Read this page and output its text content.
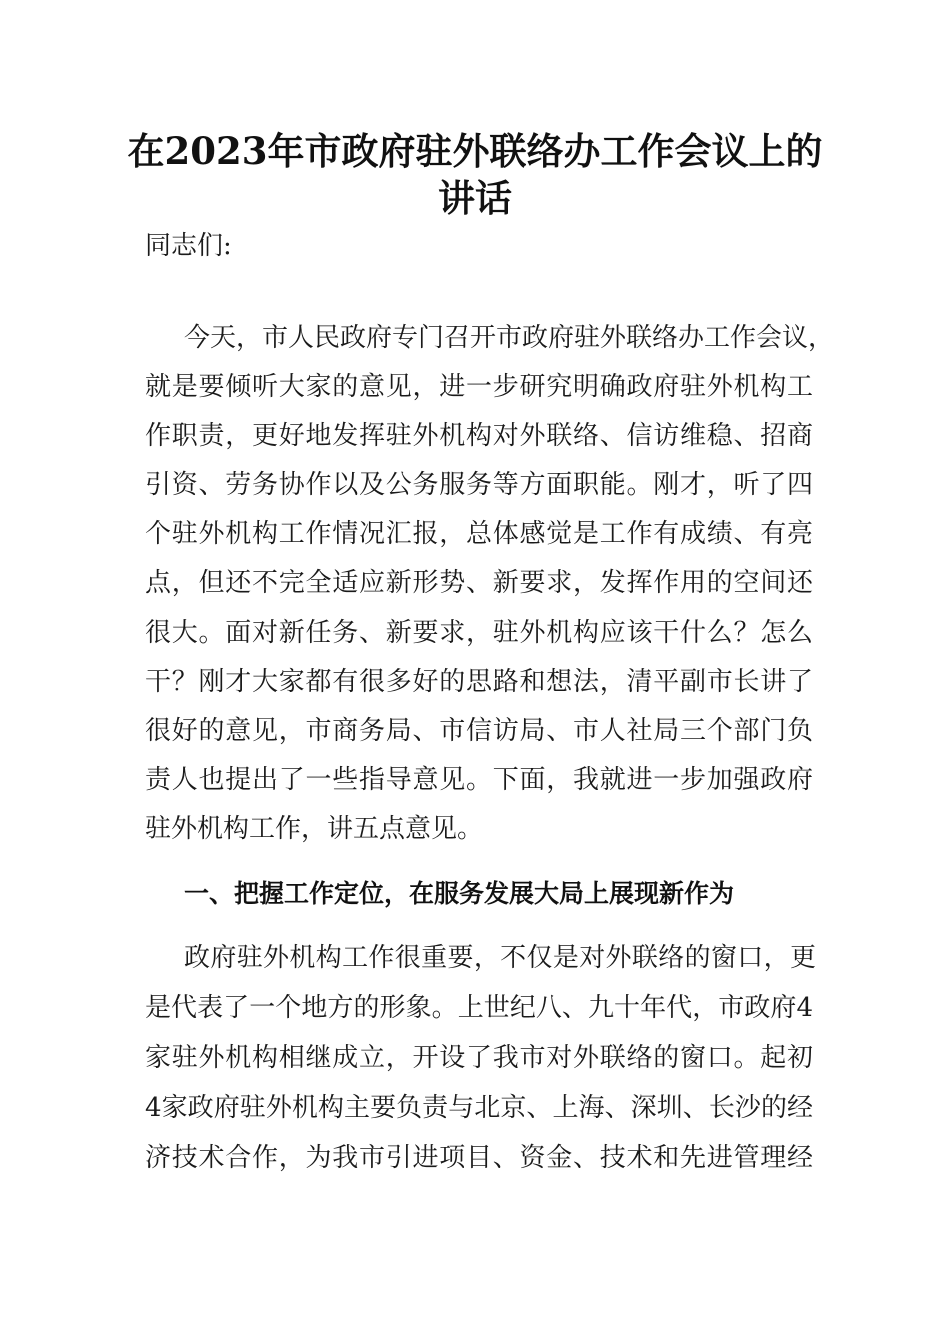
在2023年市政府驻外联络办工作会议上的
讲话

同志们:

今天，市人民政府专门召开市政府驻外联络办工作会议，

就是要倾听大家的意见，进一步研究明确政府驻外机构工

作职责，更好地发挥驻外机构对外联络、信访维稳、招商

引资、劳务协作以及公务服务等方面职能。刚才，听了四

个驻外机构工作情况汇报，总体感觉是工作有成绩、有亮

点，但还不完全适应新形势、新要求，发挥作用的空间还

很大。面对新任务、新要求，驻外机构应该干什么？怎么

干？刚才大家都有很多好的思路和想法，清平副市长讲了

很好的意见，市商务局、市信访局、市人社局三个部门负

责人也提出了一些指导意见。下面，我就进一步加强政府

驻外机构工作，讲五点意见。

一、把握工作定位，在服务发展大局上展现新作为

政府驻外机构工作很重要，不仅是对外联络的窗口，更

是代表了一个地方的形象。上世纪八、九十年代，市政府4

家驻外机构相继成立，开设了我市对外联络的窗口。起初

4家政府驻外机构主要负责与北京、上海、深圳、长沙的经

济技术合作，为我市引进项目、资金、技术和先进管理经
